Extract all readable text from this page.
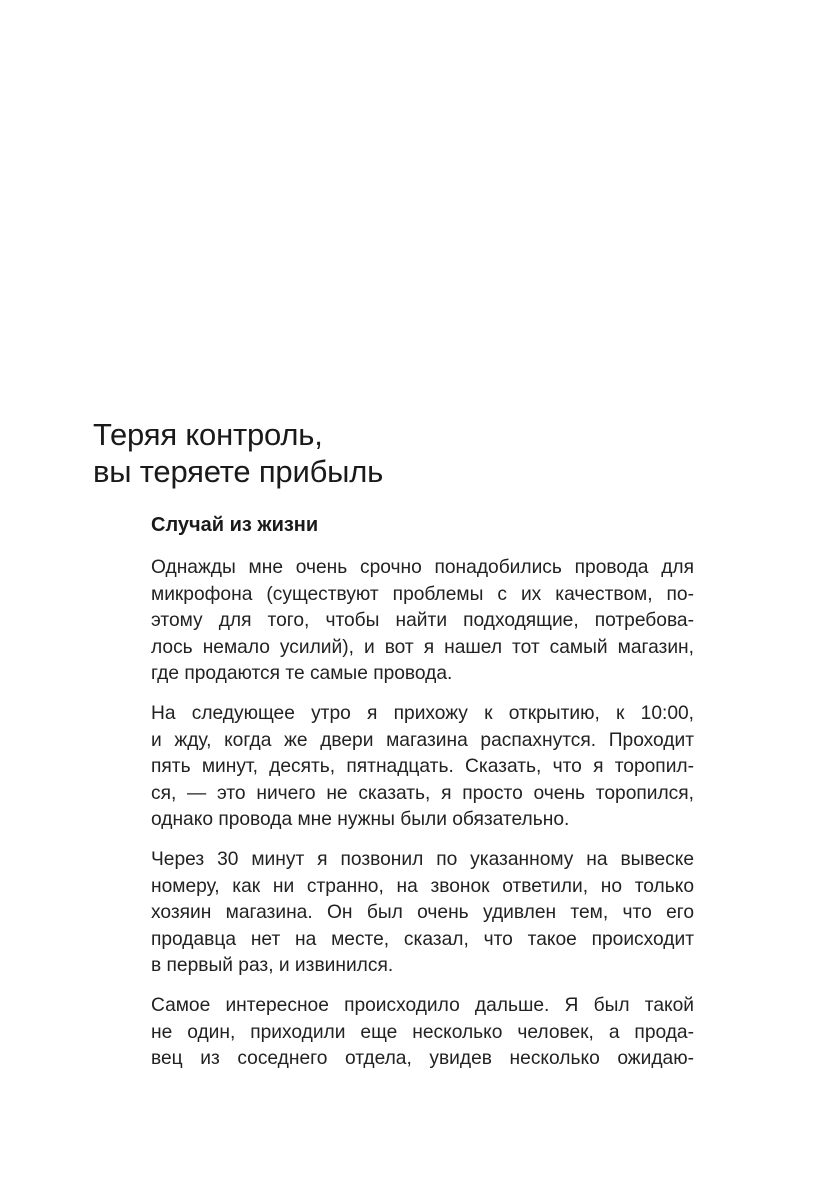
Теряя контроль,
вы теряете прибыль
Случай из жизни

Однажды мне очень срочно понадобились провода для
микрофона (существуют проблемы с их качеством, по-
этому для того, чтобы найти подходящие, потребова-
лось немало усилий), и вот я нашел тот самый магазин,
где продаются те самые провода.

На следующее утро я прихожу к открытию, к 10:00,
и жду, когда же двери магазина распахнутся. Проходит
пять минут, десять, пятнадцать. Сказать, что я торопил-
ся, — это ничего не сказать, я просто очень торопился,
однако провода мне нужны были обязательно.

Через 30 минут я позвонил по указанному на вывеске
номеру, как ни странно, на звонок ответили, но только
хозяин магазина. Он был очень удивлен тем, что его
продавца нет на месте, сказал, что такое происходит
в первый раз, и извинился.

Самое интересное происходило дальше. Я был такой
не один, приходили еще несколько человек, а прода-
вец из соседнего отдела, увидев несколько ожидаю-
